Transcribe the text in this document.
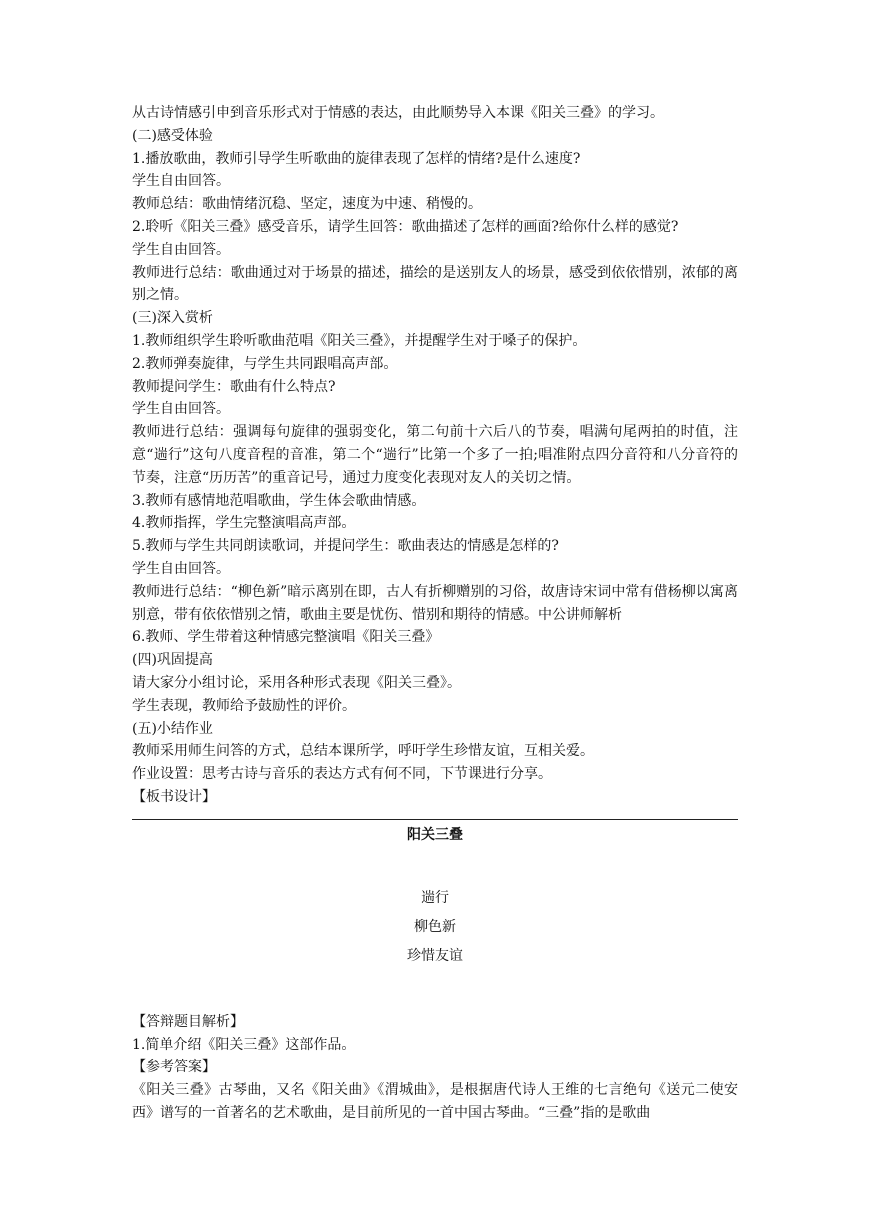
从古诗情感引申到音乐形式对于情感的表达，由此顺势导入本课《阳关三叠》的学习。

(二)感受体验

1.播放歌曲，教师引导学生听歌曲的旋律表现了怎样的情绪?是什么速度?

学生自由回答。

教师总结：歌曲情绪沉稳、坚定，速度为中速、稍慢的。

2.聆听《阳关三叠》感受音乐，请学生回答：歌曲描述了怎样的画面?给你什么样的感觉?

学生自由回答。

教师进行总结：歌曲通过对于场景的描述，描绘的是送别友人的场景，感受到依依惜别，浓郁的离别之情。

(三)深入赏析

1.教师组织学生聆听歌曲范唱《阳关三叠》，并提醒学生对于嗓子的保护。

2.教师弹奏旋律，与学生共同跟唱高声部。

教师提问学生：歌曲有什么特点?

学生自由回答。

教师进行总结：强调每句旋律的强弱变化，第二句前十六后八的节奏，唱满句尾两拍的时值，注意“遄行”这句八度音程的音准，第二个“遄行”比第一个多了一拍;唱准附点四分音符和八分音符的节奏，注意“历历苦”的重音记号，通过力度变化表现对友人的关切之情。

3.教师有感情地范唱歌曲，学生体会歌曲情感。

4.教师指挥，学生完整演唱高声部。

5.教师与学生共同朗读歌词，并提问学生：歌曲表达的情感是怎样的?

学生自由回答。

教师进行总结：“柳色新”暗示离别在即，古人有折柳赠别的习俗，故唐诗宋词中常有借杨柳以寓离别意，带有依依惜别之情，歌曲主要是忧伤、惜别和期待的情感。中公讲师解析

6.教师、学生带着这种情感完整演唱《阳关三叠》

(四)巩固提高

请大家分小组讨论，采用各种形式表现《阳关三叠》。

学生表现，教师给予鼓励性的评价。

(五)小结作业

教师采用师生问答的方式，总结本课所学，呼吁学生珍惜友谊，互相关爱。

作业设置：思考古诗与音乐的表达方式有何不同，下节课进行分享。

【板书设计】

阳关三叠
遄行
柳色新
珍惜友谊

【答辩题目解析】

1.简单介绍《阳关三叠》这部作品。

【参考答案】

《阳关三叠》古琴曲，又名《阳关曲》《渭城曲》，是根据唐代诗人王维的七言绝句《送元二使安西》谱写的一首著名的艺术歌曲，是目前所见的一首中国古琴曲。“三叠”指的是歌曲
